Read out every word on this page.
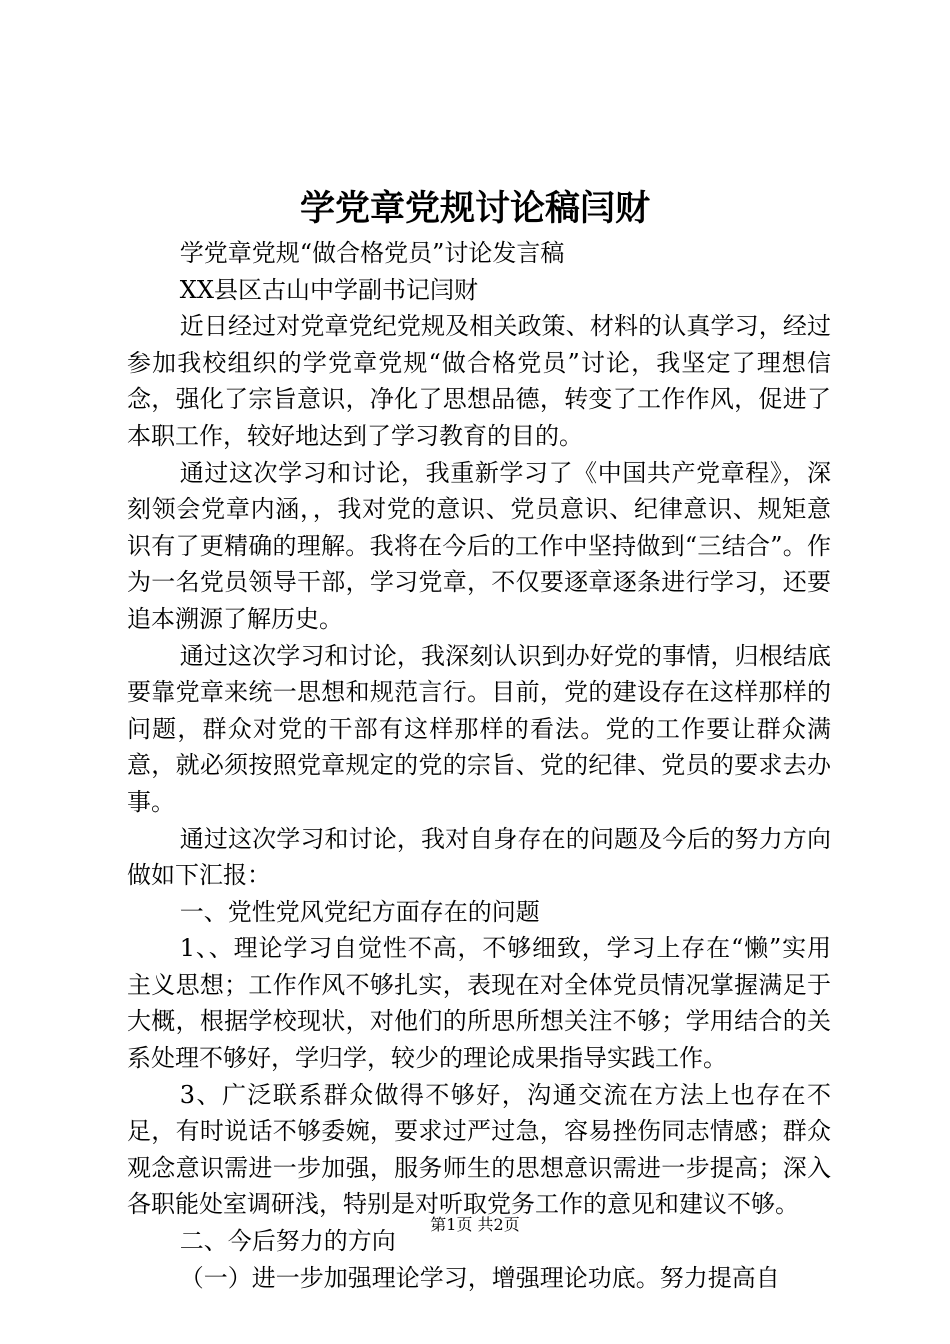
学党章党规讨论稿闫财

学党章党规“做合格党员”讨论发言稿

XX县区古山中学副书记闫财

近日经过对党章党纪党规及相关政策、材料的认真学习，经过参加我校组织的学党章党规“做合格党员”讨论，我坚定了理想信念，强化了宗旨意识，净化了思想品德，转变了工作作风，促进了本职工作，较好地达到了学习教育的目的。

通过这次学习和讨论，我重新学习了《中国共产党章程》，深刻领会党章内涵，，我对党的意识、党员意识、纪律意识、规矩意识有了更精确的理解。我将在今后的工作中坚持做到“三结合”。作为一名党员领导干部，学习党章，不仅要逐章逐条进行学习，还要追本溯源了解历史。

通过这次学习和讨论，我深刻认识到办好党的事情，归根结底要靠党章来统一思想和规范言行。目前，党的建设存在这样那样的问题，群众对党的干部有这样那样的看法。党的工作要让群众满意，就必须按照党章规定的党的宗旨、党的纪律、党员的要求去办事。

通过这次学习和讨论，我对自身存在的问题及今后的努力方向做如下汇报：

一、党性党风党纪方面存在的问题

1、、理论学习自觉性不高，不够细致，学习上存在“懒”实用主义思想；工作作风不够扎实，表现在对全体党员情况掌握满足于大概，根据学校现状，对他们的所思所想关注不够；学用结合的关系处理不够好，学归学，较少的理论成果指导实践工作。

3、广泛联系群众做得不够好，沟通交流在方法上也存在不足，有时说话不够委婉，要求过严过急，容易挫伤同志情感；群众观念意识需进一步加强，服务师生的思想意识需进一步提高；深入各职能处室调研浅，特别是对听取党务工作的意见和建议不够。

二、今后努力的方向

（一）进一步加强理论学习，增强理论功底。努力提高自

第1页 共2页
